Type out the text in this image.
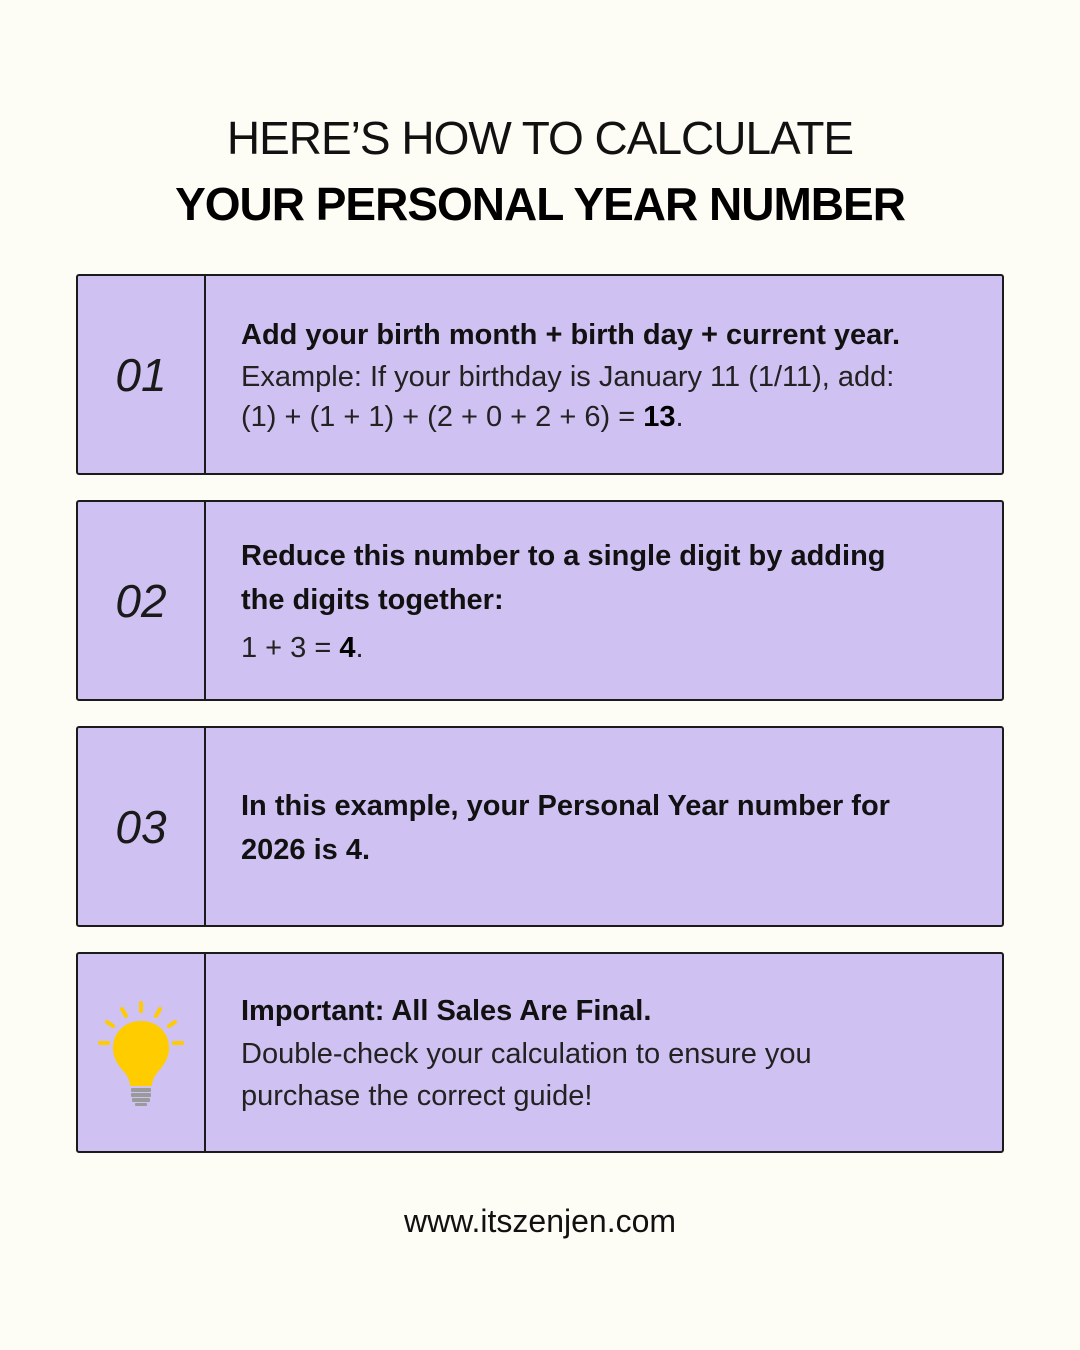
HERE’S HOW TO CALCULATE
YOUR PERSONAL YEAR NUMBER
01
Add your birth month + birth day + current year.
Example: If your birthday is January 11 (1/11), add:
(1) + (1 + 1) + (2 + 0 + 2 + 6) = 13.
02
Reduce this number to a single digit by adding
the digits together:
1 + 3 = 4.
03	In this example, your Personal Year number for
2026 is 4.
Important: All Sales Are Final.
Double-check your calculation to ensure you
purchase the correct guide!
www.itszenjen.com
